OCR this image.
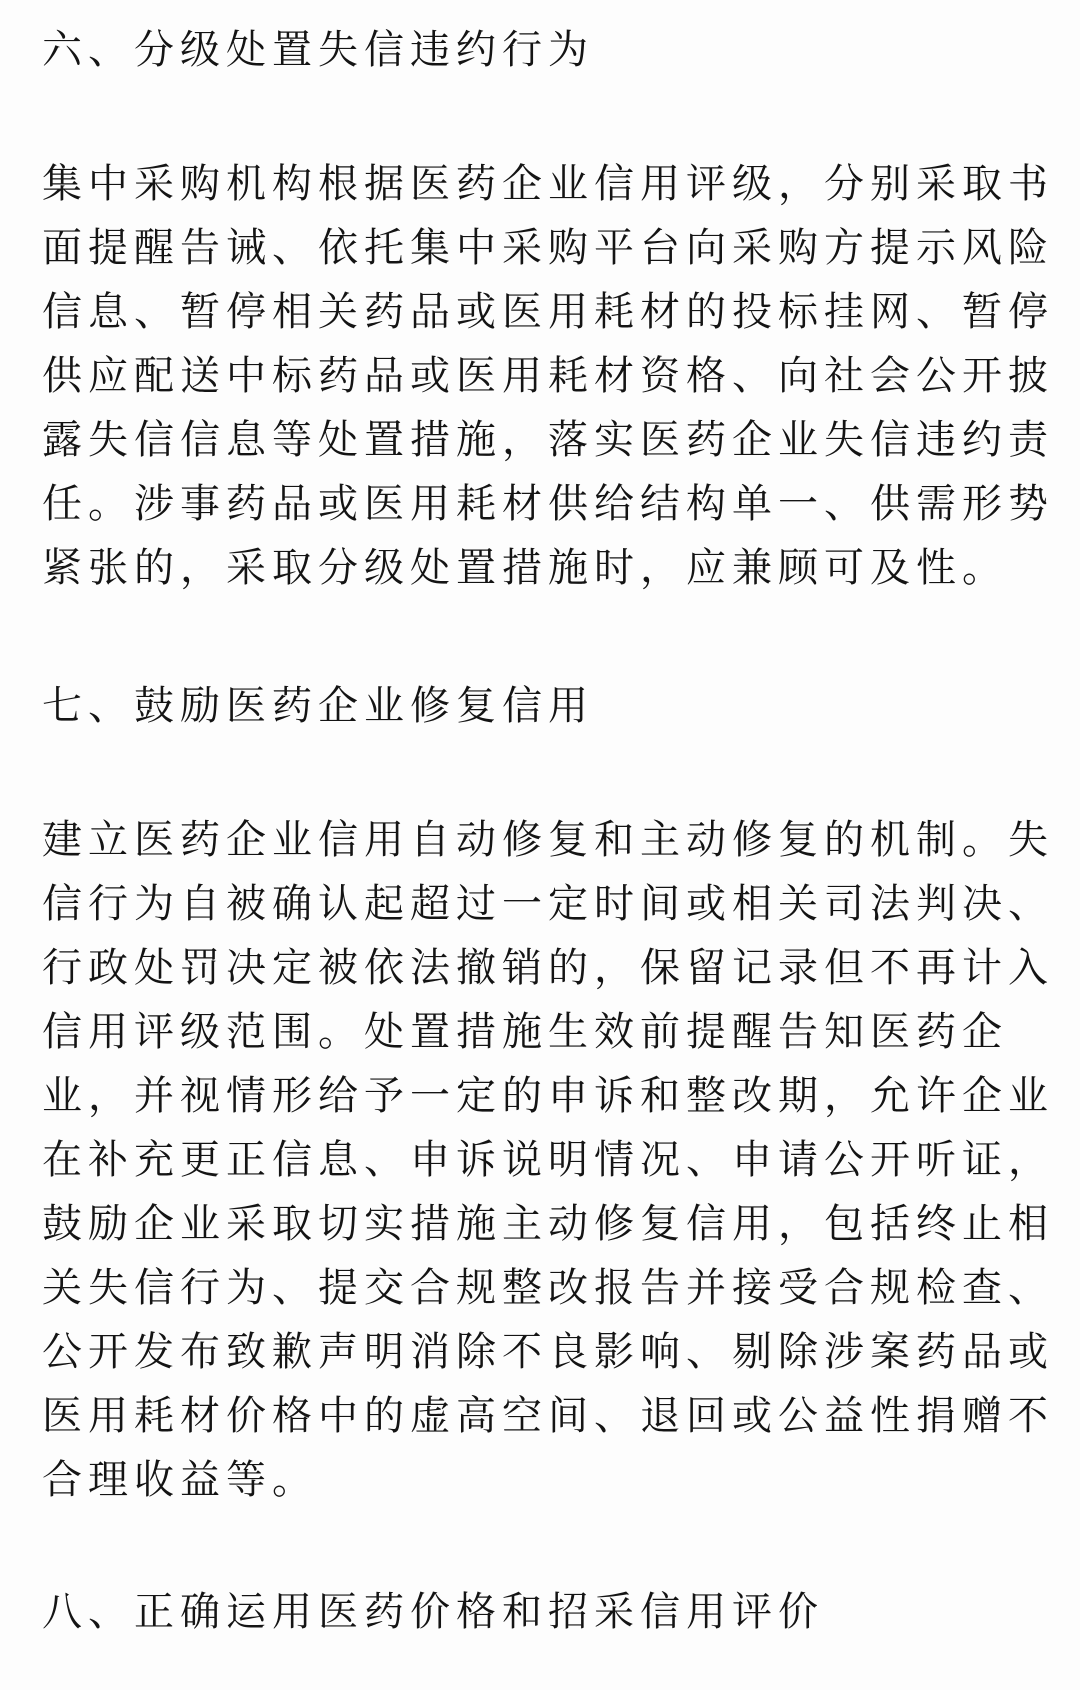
六、分级处置失信违约行为
集中采购机构根据医药企业信用评级，分别采取书
面提醒告诫、依托集中采购平台向采购方提示风险
信息、暂停相关药品或医用耗材的投标挂网、暂停
供应配送中标药品或医用耗材资格、向社会公开披
露失信信息等处置措施，落实医药企业失信违约责
任。涉事药品或医用耗材供给结构单一、供需形势
紧张的，采取分级处置措施时，应兼顾可及性。
七、鼓励医药企业修复信用
建立医药企业信用自动修复和主动修复的机制。失
信行为自被确认起超过一定时间或相关司法判决、
行政处罚决定被依法撤销的，保留记录但不再计入
信用评级范围。处置措施生效前提醒告知医药企
业，并视情形给予一定的申诉和整改期，允许企业
在补充更正信息、申诉说明情况、申请公开听证，
鼓励企业采取切实措施主动修复信用，包括终止相
关失信行为、提交合规整改报告并接受合规检查、
公开发布致歉声明消除不良影响、剔除涉案药品或
医用耗材价格中的虚高空间、退回或公益性捐赠不
合理收益等。
八、正确运用医药价格和招采信用评价
